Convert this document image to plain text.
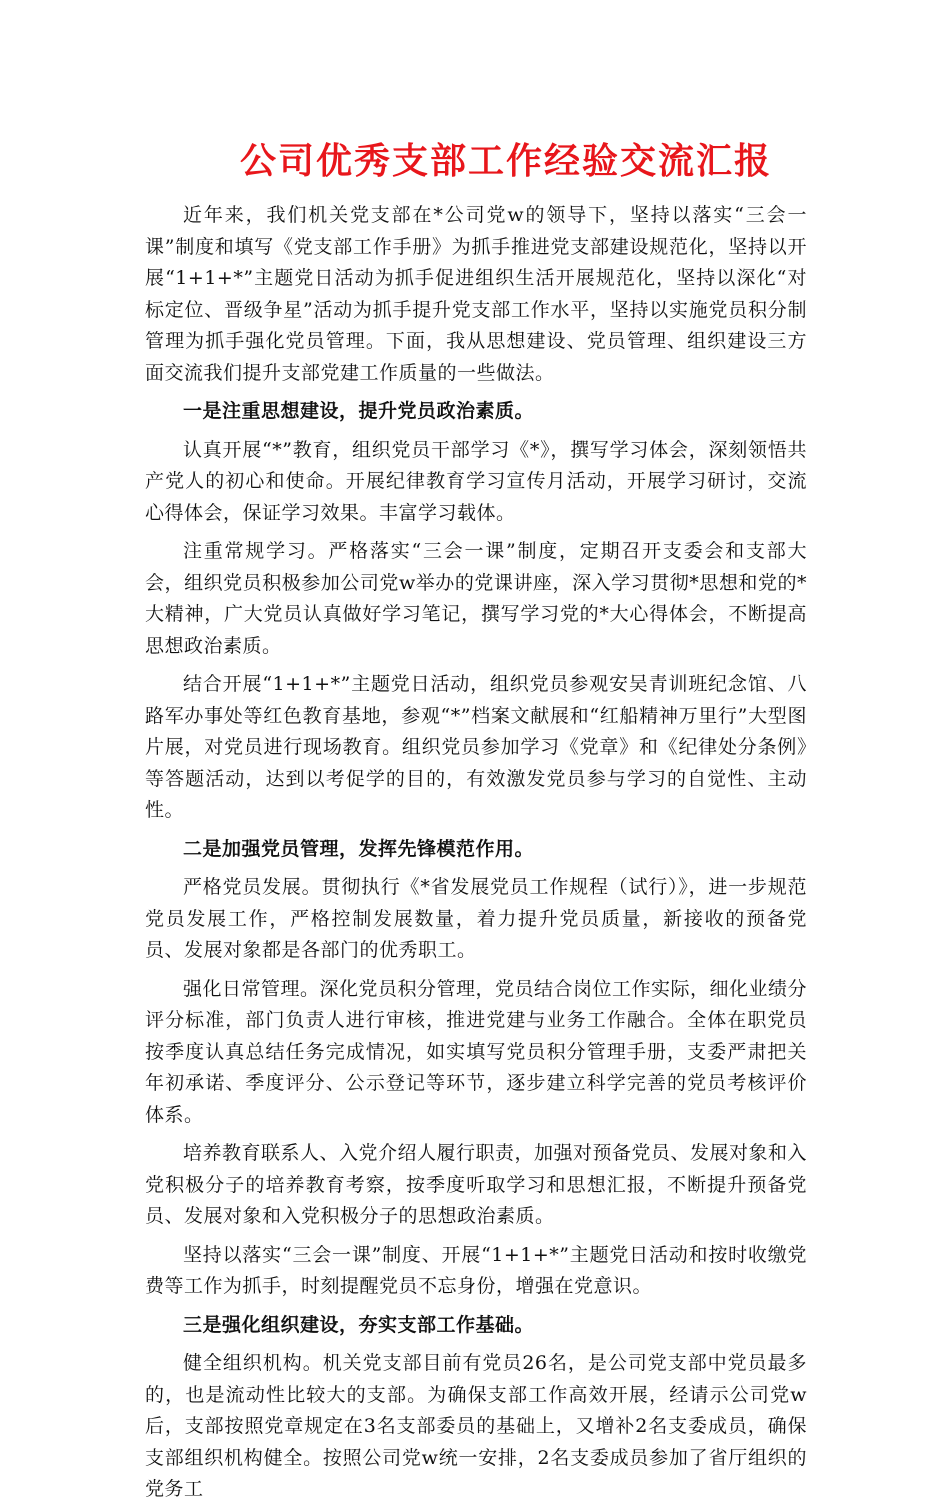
公司优秀支部工作经验交流汇报
近年来，我们机关党支部在*公司党w的领导下，坚持以落实“三会一课”制度和填写《党支部工作手册》为抓手推进党支部建设规范化，坚持以开展“1+1+*”主题党日活动为抓手促进组织生活开展规范化，坚持以深化“对标定位、晋级争星”活动为抓手提升党支部工作水平，坚持以实施党员积分制管理为抓手强化党员管理。下面，我从思想建设、党员管理、组织建设三方面交流我们提升支部党建工作质量的一些做法。
一是注重思想建设，提升党员政治素质。
认真开展“*”教育，组织党员干部学习《*》，撰写学习体会，深刻领悟共产党人的初心和使命。开展纪律教育学习宣传月活动，开展学习研讨，交流心得体会，保证学习效果。丰富学习载体。
注重常规学习。严格落实“三会一课”制度，定期召开支委会和支部大会，组织党员积极参加公司党w举办的党课讲座，深入学习贯彻*思想和党的*大精神，广大党员认真做好学习笔记，撰写学习党的*大心得体会，不断提高思想政治素质。
结合开展“1+1+*”主题党日活动，组织党员参观安吴青训班纪念馆、八路军办事处等红色教育基地，参观“*”档案文献展和“红船精神万里行”大型图片展，对党员进行现场教育。组织党员参加学习《党章》和《纪律处分条例》等答题活动，达到以考促学的目的，有效激发党员参与学习的自觉性、主动性。
二是加强党员管理，发挥先锋模范作用。
严格党员发展。贯彻执行《*省发展党员工作规程（试行）》，进一步规范党员发展工作，严格控制发展数量，着力提升党员质量，新接收的预备党员、发展对象都是各部门的优秀职工。
强化日常管理。深化党员积分管理，党员结合岗位工作实际，细化业绩分评分标准，部门负责人进行审核，推进党建与业务工作融合。全体在职党员按季度认真总结任务完成情况，如实填写党员积分管理手册，支委严肃把关年初承诺、季度评分、公示登记等环节，逐步建立科学完善的党员考核评价体系。
培养教育联系人、入党介绍人履行职责，加强对预备党员、发展对象和入党积极分子的培养教育考察，按季度听取学习和思想汇报，不断提升预备党员、发展对象和入党积极分子的思想政治素质。
坚持以落实“三会一课”制度、开展“1+1+*”主题党日活动和按时收缴党费等工作为抓手，时刻提醒党员不忘身份，增强在党意识。
三是强化组织建设，夯实支部工作基础。
健全组织机构。机关党支部目前有党员26名，是公司党支部中党员最多的，也是流动性比较大的支部。为确保支部工作高效开展，经请示公司党w后，支部按照党章规定在3名支部委员的基础上，又增补2名支委成员，确保支部组织机构健全。按照公司党w统一安排，2名支委成员参加了省厅组织的党务工
